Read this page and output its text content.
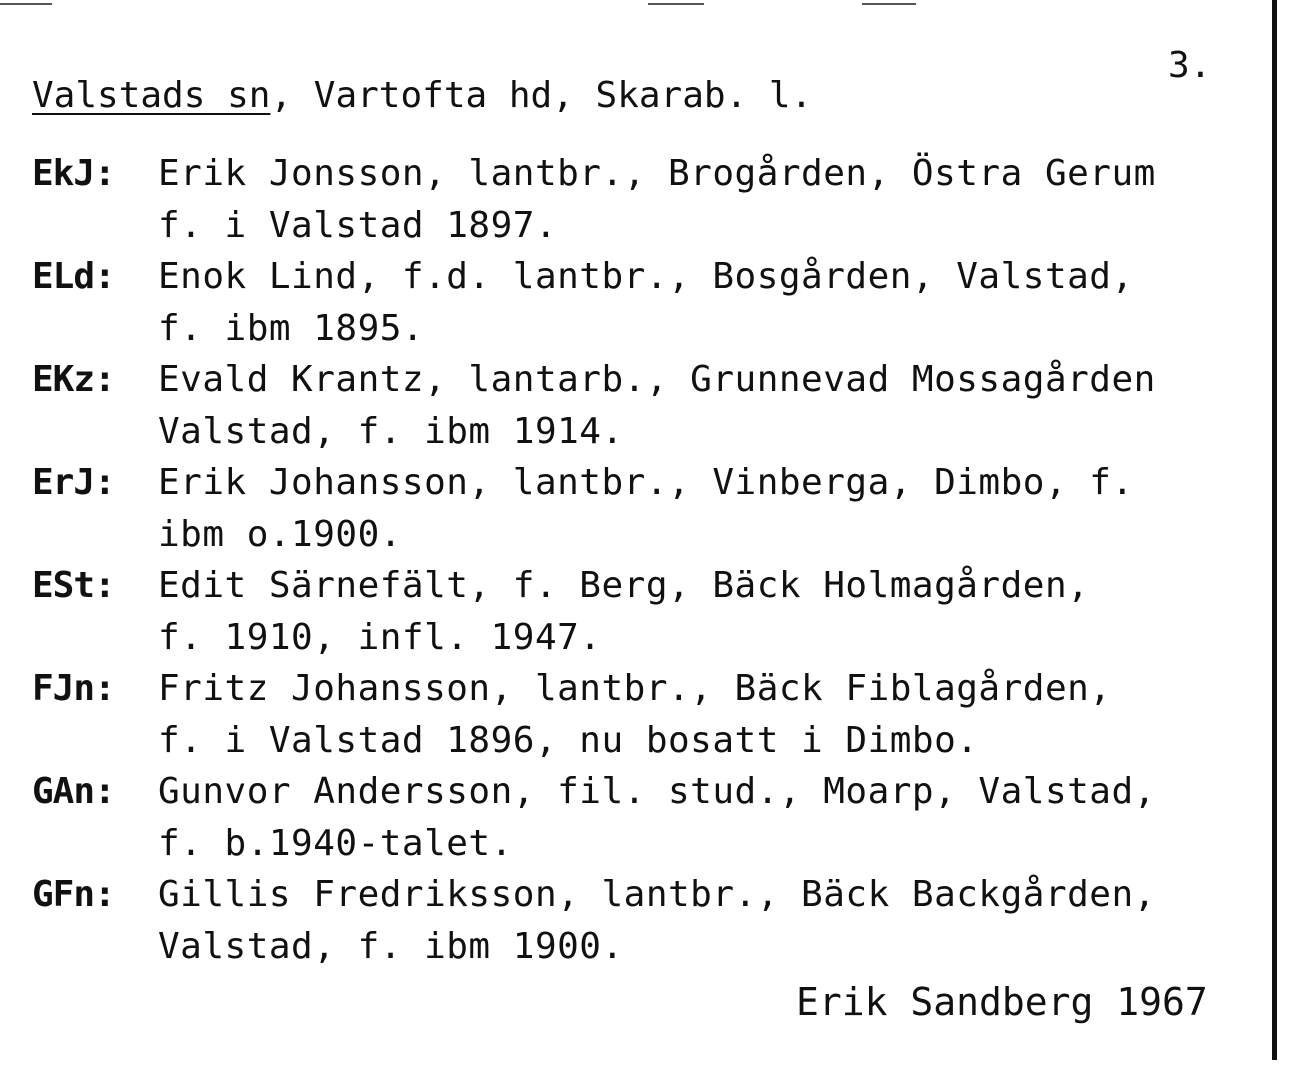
3.
Valstads sn, Vartofta hd, Skarab. l.
EkJ: Erik Jonsson, lantbr., Brogården, Östra Gerum
f. i Valstad 1897.
ELd: Enok Lind, f.d. lantbr., Bosgården, Valstad,
f. ibm 1895.
EKz: Evald Krantz, lantarb., Grunnevad Mossagården
Valstad, f. ibm 1914.
ErJ: Erik Johansson, lantbr., Vinberga, Dimbo, f.
ibm o.1900.
ESt: Edit Särnefält, f. Berg, Bäck Holmagården,
f. 1910, infl. 1947.
FJn: Fritz Johansson, lantbr., Bäck Fiblagården,
f. i Valstad 1896, nu bosatt i Dimbo.
GAn: Gunvor Andersson, fil. stud., Moarp, Valstad,
f. b.1940-talet.
GFn: Gillis Fredriksson, lantbr., Bäck Backgården,
Valstad, f. ibm 1900.
Erik Sandberg 1967
